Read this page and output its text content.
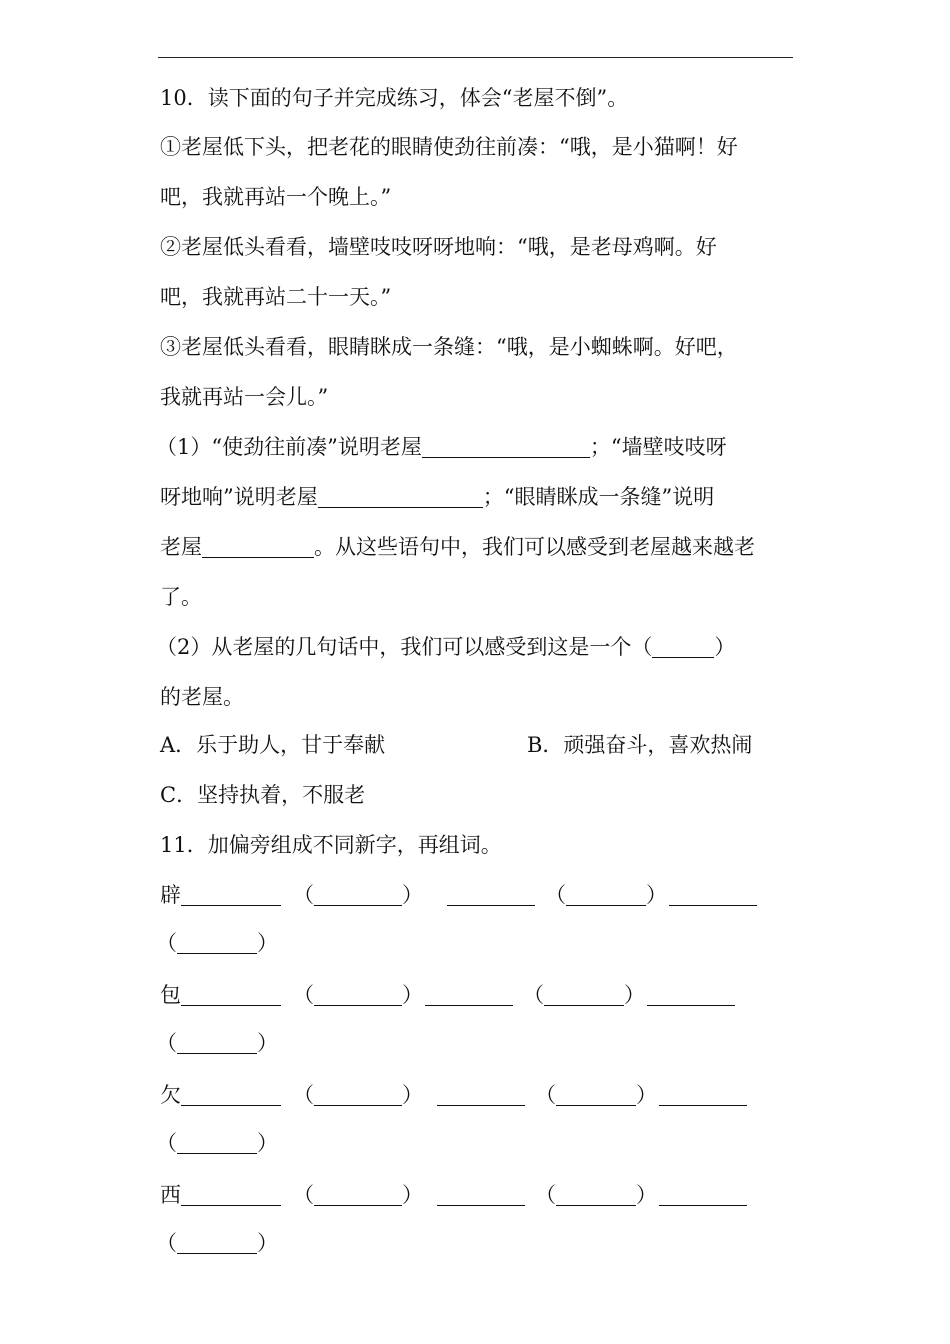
10．读下面的句子并完成练习，体会“老屋不倒”。
①老屋低下头，把老花的眼睛使劲往前凑：“哦，是小猫啊！好
吧，我就再站一个晚上。”
②老屋低头看看，墙壁吱吱呀呀地响：“哦，是老母鸡啊。好
吧，我就再站二十一天。”
③老屋低头看看，眼睛眯成一条缝：“哦，是小蜘蛛啊。好吧，
我就再站一会儿。”
（1）“使劲往前凑”说明老屋	；“墙壁吱吱呀
呀地响”说明老屋	；“眼睛眯成一条缝”说明
老屋	。从这些语句中，我们可以感受到老屋越来越老
了。
（2）从老屋的几句话中，我们可以感受到这是一个（	）
的老屋。
A．乐于助人，甘于奉献	B．顽强奋斗，喜欢热闹
C．坚持执着，不服老
11．加偏旁组成不同新字，再组词。
辟	（	）	（	）
（	）
包	（	）	（	）
（	）
欠	（	）	（	）
（	）
西	（	）	（	）
（	）
